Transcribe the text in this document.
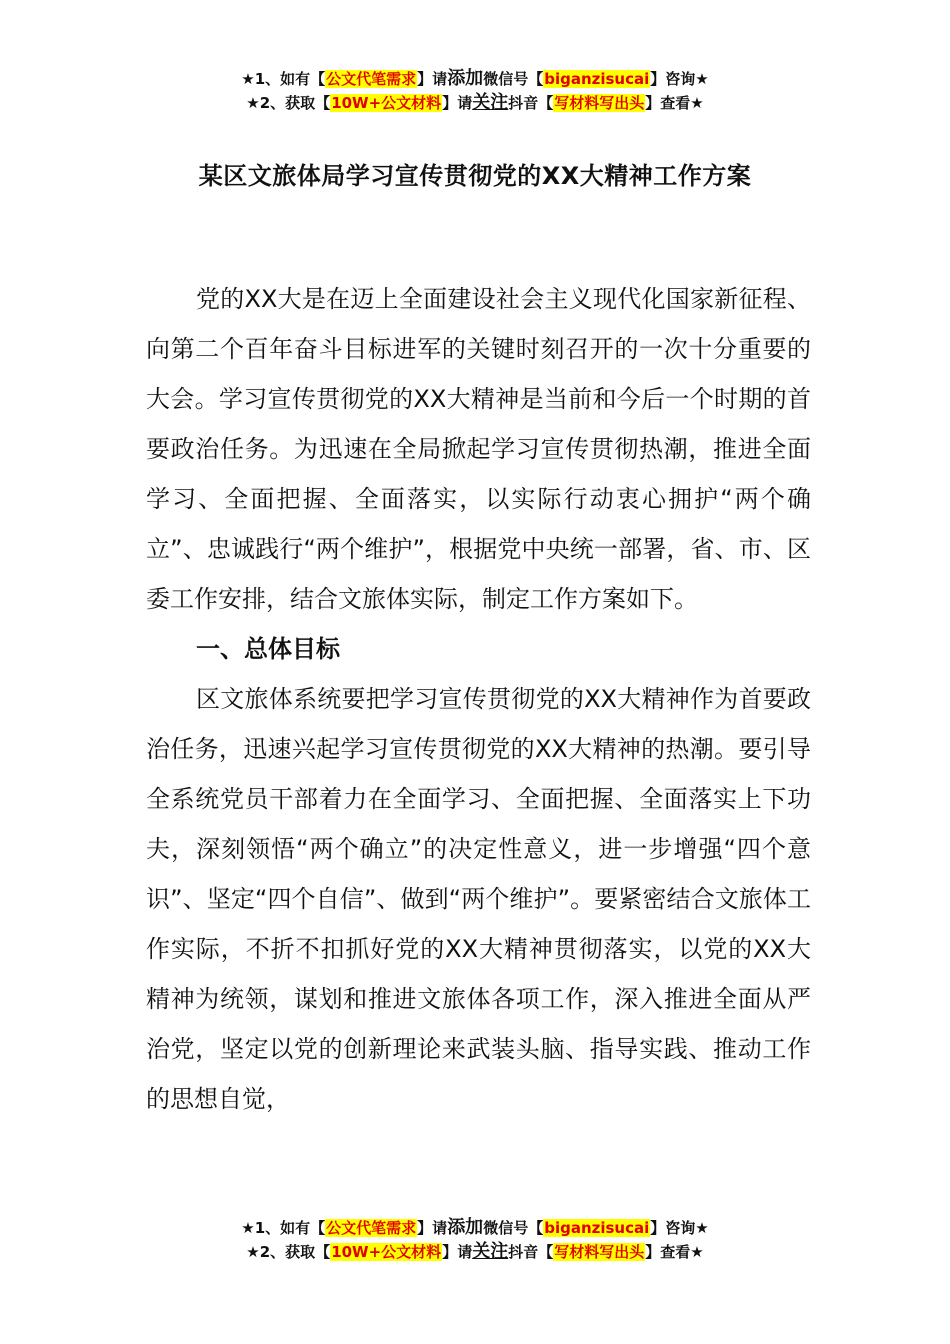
★1、如有【公文代笔需求】请添加微信号【biganzisucai】咨询★
★2、获取【10W+公文材料】请关注抖音【写材料写出头】查看★
某区文旅体局学习宣传贯彻党的XX大精神工作方案

党的XX大是在迈上全面建设社会主义现代化国家新征程、向第二个百年奋斗目标进军的关键时刻召开的一次十分重要的大会。学习宣传贯彻党的XX大精神是当前和今后一个时期的首要政治任务。为迅速在全局掀起学习宣传贯彻热潮，推进全面学习、全面把握、全面落实，以实际行动衷心拥护“两个确立”、忠诚践行“两个维护”，根据党中央统一部署，省、市、区委工作安排，结合文旅体实际，制定工作方案如下。

一、总体目标

区文旅体系统要把学习宣传贯彻党的XX大精神作为首要政治任务，迅速兴起学习宣传贯彻党的XX大精神的热潮。要引导全系统党员干部着力在全面学习、全面把握、全面落实上下功夫，深刻领悟“两个确立”的决定性意义，进一步增强“四个意识”、坚定“四个自信”、做到“两个维护”。要紧密结合文旅体工作实际，不折不扣抓好党的XX大精神贯彻落实，以党的XX大精神为统领，谋划和推进文旅体各项工作，深入推进全面从严治党，坚定以党的创新理论来武装头脑、指导实践、推动工作的思想自觉，

★1、如有【公文代笔需求】请添加微信号【biganzisucai】咨询★
★2、获取【10W+公文材料】请关注抖音【写材料写出头】查看★
